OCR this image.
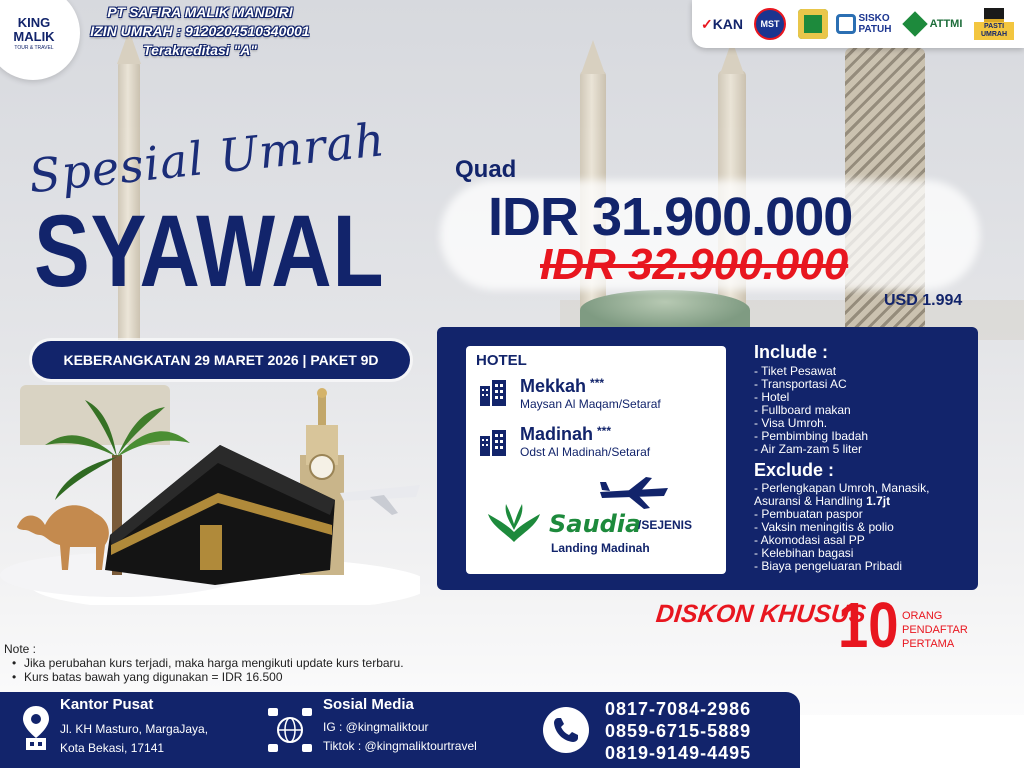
KING
MALIK
TOUR & TRAVEL
PT SAFIRA MALIK MANDIRI
IZIN UMRAH : 9120204510340001
Terakreditasi "A"
✓ KAN	MST	SISKO PATUH	ATTMI	PASTI UMRAH
Spesial Umrah
SYAWAL
KEBERANGKATAN 29 MARET 2026 | PAKET 9D
Quad
IDR 31.900.000
IDR 32.900.000
USD 1.994
HOTEL
Mekkah ***
Maysan Al Maqam/Setaraf
Madinah ***
Odst Al Madinah/Setaraf
Saudia
/SEJENIS
Landing Madinah
Include :
- Tiket Pesawat
- Transportasi AC
- Hotel
- Fullboard makan
- Visa Umroh.
- Pembimbing Ibadah
- Air Zam-zam 5 liter
Exclude :
- Perlengkapan Umroh, Manasik,
Asuransi & Handling 1.7jt
- Pembuatan paspor
- Vaksin meningitis & polio
- Akomodasi asal PP
- Kelebihan bagasi
- Biaya pengeluaran Pribadi
DISKON KHUSUS
10 ORANG
PENDAFTAR
PERTAMA
Note :
• Jika perubahan kurs terjadi, maka harga mengikuti update kurs terbaru.
• Kurs batas bawah yang digunakan = IDR 16.500
Kantor Pusat
Jl. KH Masturo, MargaJaya,
Kota Bekasi, 17141
Sosial Media
IG : @kingmaliktour
Tiktok : @kingmaliktourtravel
0817-7084-2986
0859-6715-5889
0819-9149-4495
